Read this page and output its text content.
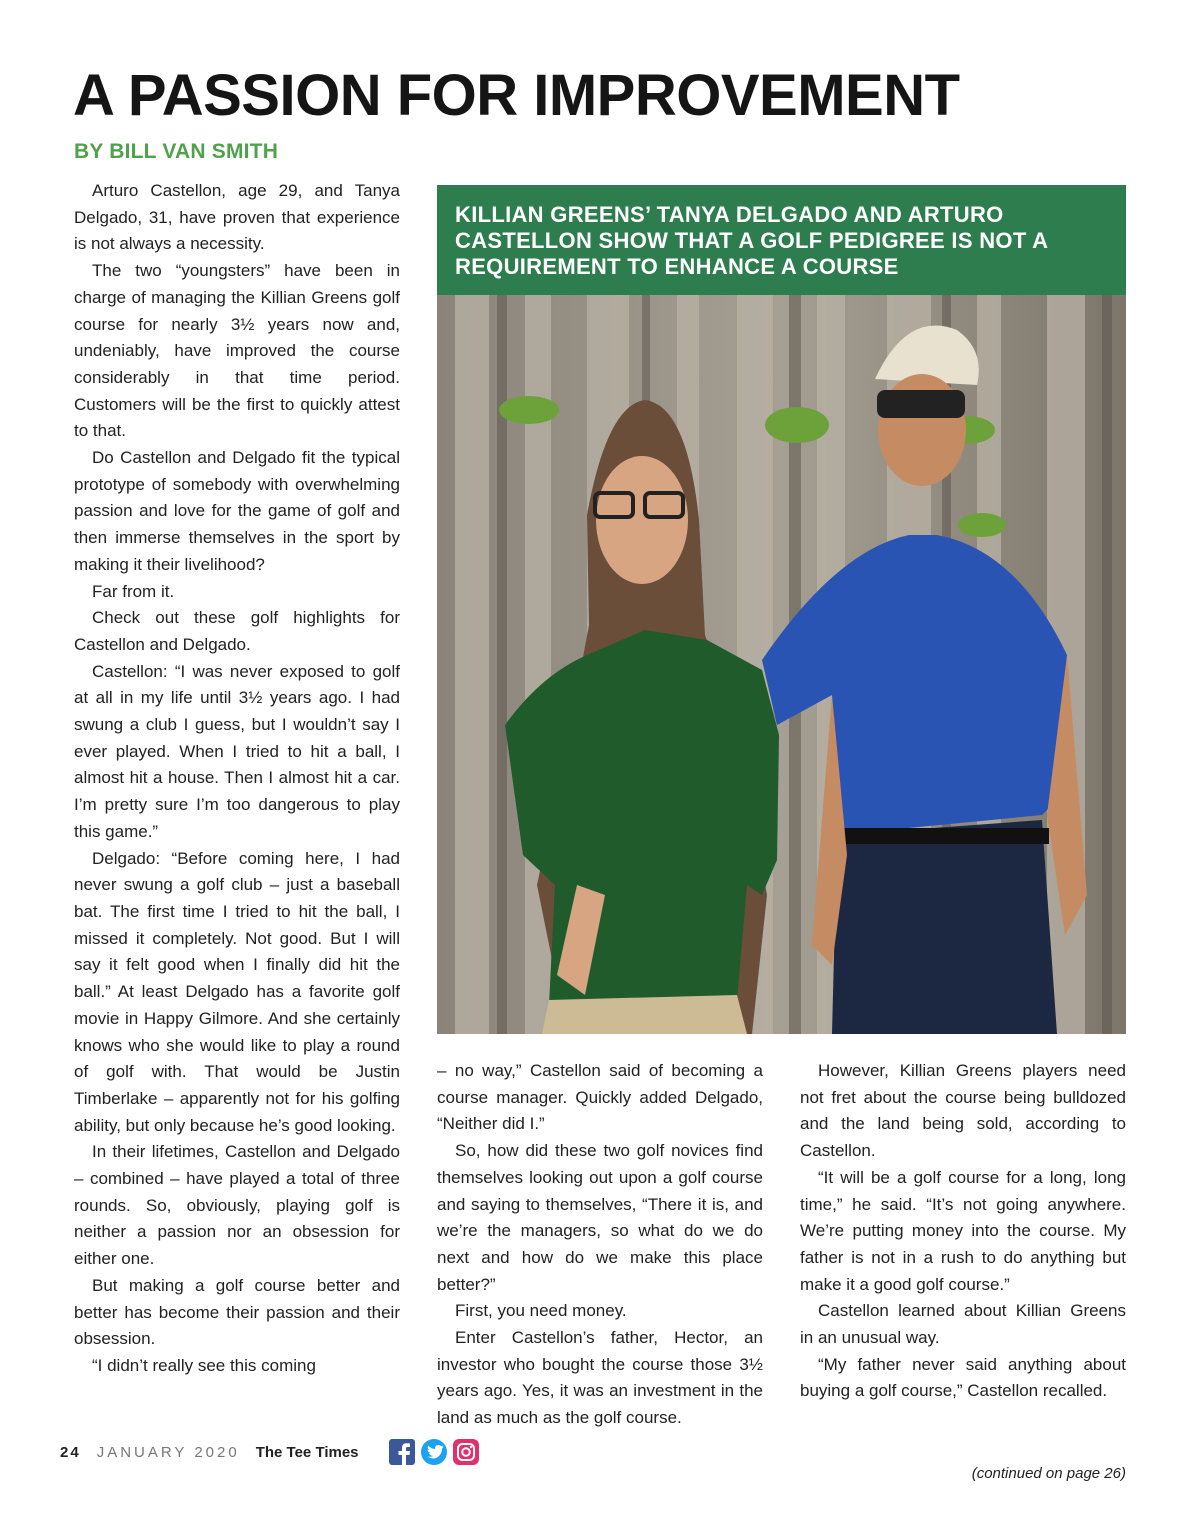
A PASSION FOR IMPROVEMENT
BY BILL VAN SMITH

Arturo Castellon, age 29, and Tanya Delgado, 31, have proven that experience is not always a necessity.

The two “youngsters” have been in charge of managing the Killian Greens golf course for nearly 3½ years now and, undeniably, have improved the course considerably in that time period. Customers will be the first to quickly attest to that.

Do Castellon and Delgado fit the typical prototype of somebody with overwhelming passion and love for the game of golf and then immerse themselves in the sport by making it their livelihood?

Far from it.

Check out these golf highlights for Castellon and Delgado.

Castellon: “I was never exposed to golf at all in my life until 3½ years ago. I had swung a club I guess, but I wouldn’t say I ever played. When I tried to hit a ball, I almost hit a house. Then I almost hit a car. I’m pretty sure I’m too dangerous to play this game.”

Delgado: “Before coming here, I had never swung a golf club – just a baseball bat. The first time I tried to hit the ball, I missed it completely. Not good. But I will say it felt good when I finally did hit the ball.” At least Delgado has a favorite golf movie in Happy Gilmore. And she certainly knows who she would like to play a round of golf with. That would be Justin Timberlake – apparently not for his golfing ability, but only because he’s good looking.

In their lifetimes, Castellon and Delgado – combined – have played a total of three rounds. So, obviously, playing golf is neither a passion nor an obsession for either one.

But making a golf course better and better has become their passion and their obsession.

“I didn’t really see this coming

KILLIAN GREENS’ TANYA DELGADO AND ARTURO CASTELLON SHOW THAT A GOLF PEDIGREE IS NOT A REQUIREMENT TO ENHANCE A COURSE

– no way,” Castellon said of becoming a course manager. Quickly added Delgado, “Neither did I.”

So, how did these two golf novices find themselves looking out upon a golf course and saying to themselves, “There it is, and we’re the managers, so what do we do next and how do we make this place better?”

First, you need money.

Enter Castellon’s father, Hector, an investor who bought the course those 3½ years ago. Yes, it was an investment in the land as much as the golf course.

However, Killian Greens players need not fret about the course being bulldozed and the land being sold, according to Castellon.

“It will be a golf course for a long, long time,” he said. “It’s not going anywhere. We’re putting money into the course. My father is not in a rush to do anything but make it a good golf course.”

Castellon learned about Killian Greens in an unusual way.

“My father never said anything about buying a golf course,” Castellon recalled.

(continued on page 26)
24 JANUARY 2020 The Tee Times
